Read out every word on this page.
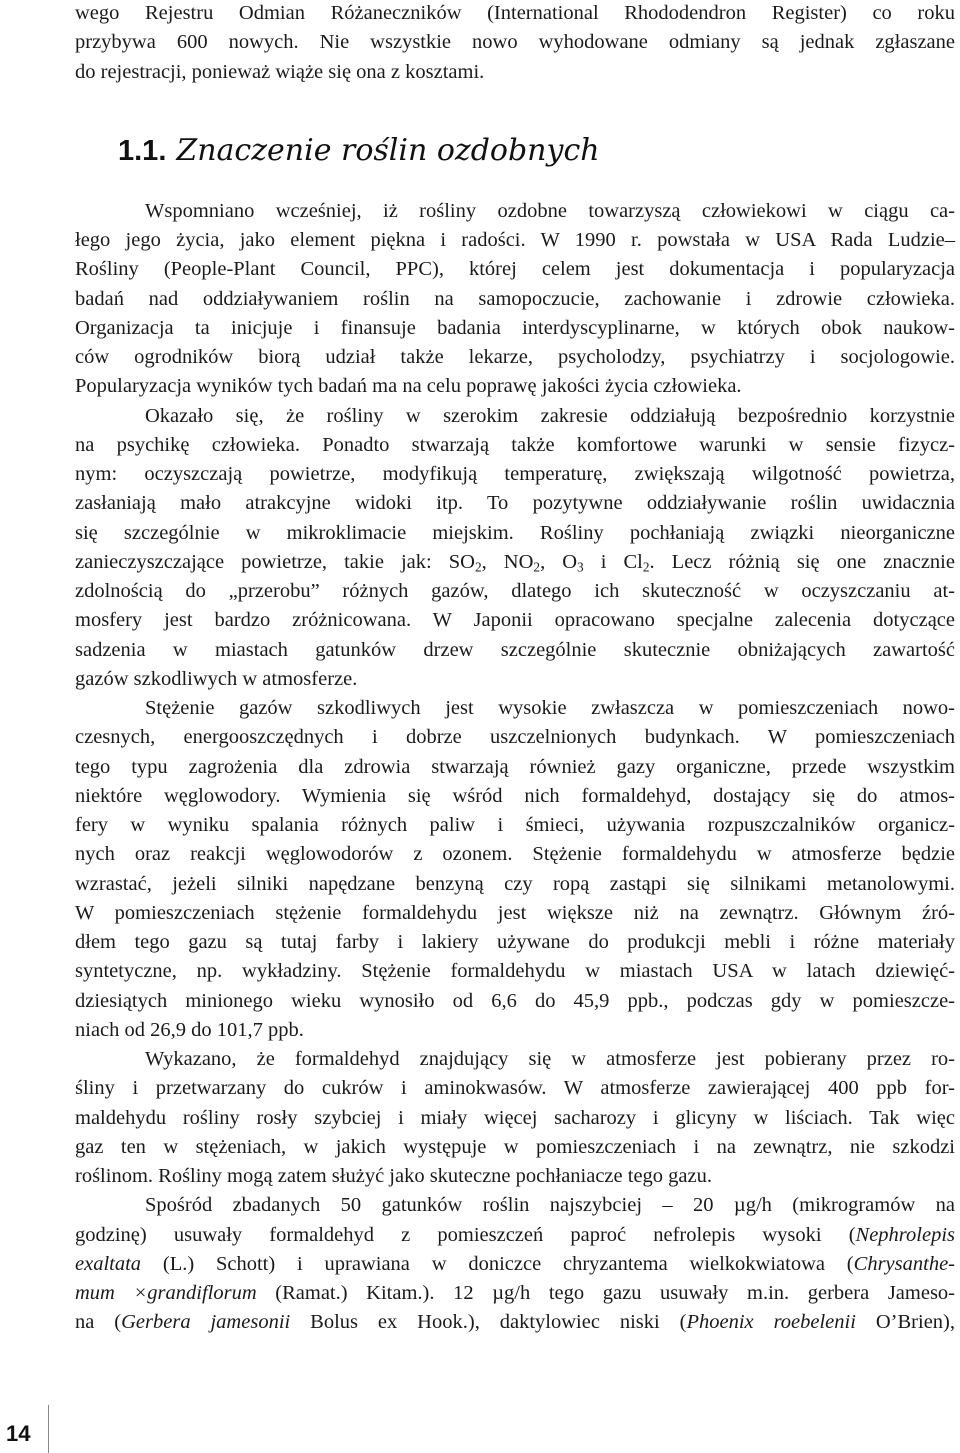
wego Rejestru Odmian Różaneczników (International Rhododendron Register) co roku
przybywa 600 nowych. Nie wszystkie nowo wyhodowane odmiany są jednak zgłaszane
do rejestracji, ponieważ wiąże się ona z kosztami.
1.1. Znaczenie roślin ozdobnych
Wspomniano wcześniej, iż rośliny ozdobne towarzyszą człowiekowi w ciągu ca-
łego jego życia, jako element piękna i radości. W 1990 r. powstała w USA Rada Ludzie–
Rośliny (People-Plant Council, PPC), której celem jest dokumentacja i popularyzacja
badań nad oddziaływaniem roślin na samopoczucie, zachowanie i zdrowie człowieka.
Organizacja ta inicjuje i finansuje badania interdyscyplinarne, w których obok naukow-
ców ogrodników biorą udział także lekarze, psycholodzy, psychiatrzy i socjologowie.
Popularyzacja wyników tych badań ma na celu poprawę jakości życia człowieka.
Okazało się, że rośliny w szerokim zakresie oddziałują bezpośrednio korzystnie
na psychikę człowieka. Ponadto stwarzają także komfortowe warunki w sensie fizycz-
nym: oczyszczają powietrze, modyfikują temperaturę, zwiększają wilgotność powietrza,
zasłaniają mało atrakcyjne widoki itp. To pozytywne oddziaływanie roślin uwidacznia
się szczególnie w mikroklimacie miejskim. Rośliny pochłaniają związki nieorganiczne
zanieczyszczające powietrze, takie jak: $SO_2$, $NO_2$, $O_3$ i $Cl_2$. Lecz różnią się one znacznie
zdolnością do „przerobu” różnych gazów, dlatego ich skuteczność w oczyszczaniu at-
mosfery jest bardzo zróżnicowana. W Japonii opracowano specjalne zalecenia dotyczące
sadzenia w miastach gatunków drzew szczególnie skutecznie obniżających zawartość
gazów szkodliwych w atmosferze.
Stężenie gazów szkodliwych jest wysokie zwłaszcza w pomieszczeniach nowo-
czesnych, energooszczędnych i dobrze uszczelnionych budynkach. W pomieszczeniach
tego typu zagrożenia dla zdrowia stwarzają również gazy organiczne, przede wszystkim
niektóre węglowodory. Wymienia się wśród nich formaldehyd, dostający się do atmos-
fery w wyniku spalania różnych paliw i śmieci, używania rozpuszczalników organicz-
nych oraz reakcji węglowodorów z ozonem. Stężenie formaldehydu w atmosferze będzie
wzrastać, jeżeli silniki napędzane benzyną czy ropą zastąpi się silnikami metanolowymi.
W pomieszczeniach stężenie formaldehydu jest większe niż na zewnątrz. Głównym źró-
dłem tego gazu są tutaj farby i lakiery używane do produkcji mebli i różne materiały
syntetyczne, np. wykładziny. Stężenie formaldehydu w miastach USA w latach dziewięć-
dziesiątych minionego wieku wynosiło od 6,6 do 45,9 ppb., podczas gdy w pomieszcze-
niach od 26,9 do 101,7 ppb.
Wykazano, że formaldehyd znajdujący się w atmosferze jest pobierany przez ro-
śliny i przetwarzany do cukrów i aminokwasów. W atmosferze zawierającej 400 ppb for-
maldehydu rośliny rosły szybciej i miały więcej sacharozy i glicyny w liściach. Tak więc
gaz ten w stężeniach, w jakich występuje w pomieszczeniach i na zewnątrz, nie szkodzi
roślinom. Rośliny mogą zatem służyć jako skuteczne pochłaniacze tego gazu.
Spośród zbadanych 50 gatunków roślin najszybciej – 20 µg/h (mikrogramów na
godzinę) usuwały formaldehyd z pomieszczeń paproć nefrolepis wysoki (Nephrolepis
exaltata (L.) Schott) i uprawiana w doniczce chryzantema wielkokwiatowa (Chrysanthe-
mum ×grandiflorum (Ramat.) Kitam.). 12 µg/h tego gazu usuwały m.in. gerbera Jameso-
na (Gerbera jamesonii Bolus ex Hook.), daktylowiec niski (Phoenix roebelenii O’Brien),
14
